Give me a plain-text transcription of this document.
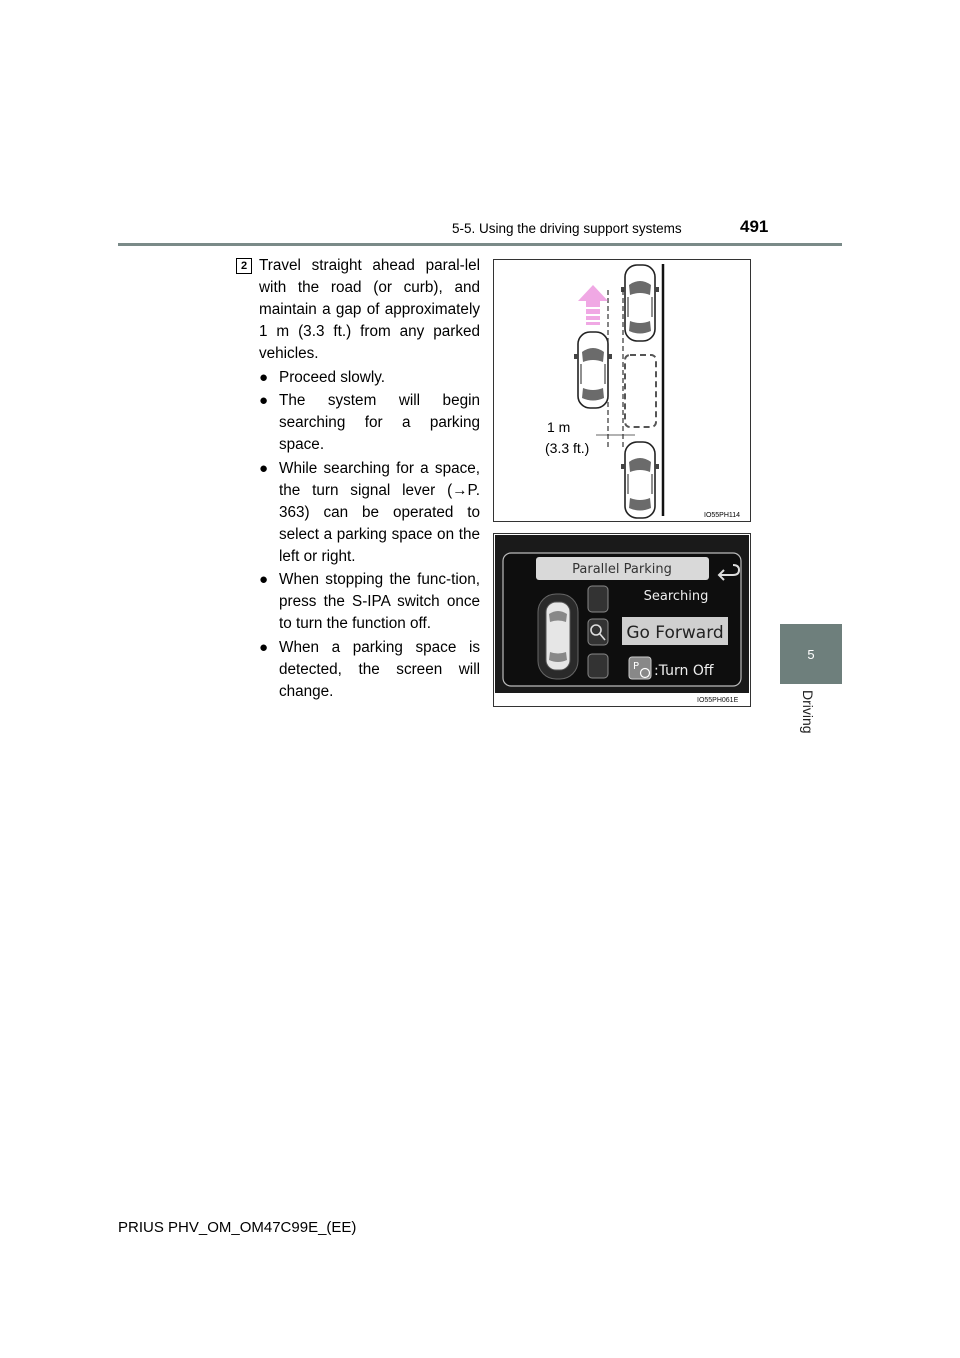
5-5. Using the driving support systems	491
5
Driving
2 Travel straight ahead paral-lel with the road (or curb), and maintain a gap of approximately 1 m (3.3 ft.) from any parked vehicles.

● Proceed slowly.
● The system will begin searching for a parking space.
● While searching for a space, the turn signal lever (→P. 363) can be operated to select a parking space on the left or right.
● When stopping the func-tion, press the S-IPA switch once to turn the function off.
● When a parking space is detected, the screen will change.
1 m
(3.3 ft.)
IO55PH114
Parallel Parking
Searching
Go Forward
P :Turn Off
IO55PH061E
PRIUS PHV_OM_OM47C99E_(EE)
